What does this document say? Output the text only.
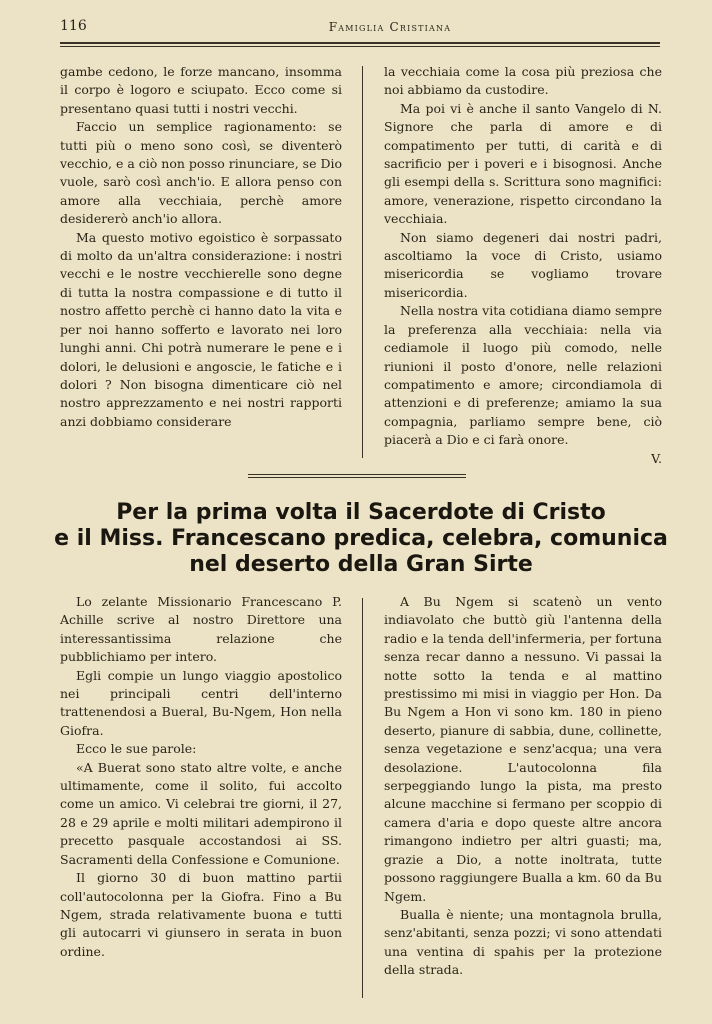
116	Famiglia Cristiana

gambe cedono, le forze mancano, insomma il corpo è logoro e sciupato. Ecco come si presentano quasi tutti i nostri vecchi.

Faccio un semplice ragionamento: se tutti più o meno sono così, se diventerò vecchio, e a ciò non posso rinunciare, se Dio vuole, sarò così anch'io. E allora penso con amore alla vecchiaia, perchè amore desidererò anch'io allora.

Ma questo motivo egoistico è sorpassato di molto da un'altra considerazione: i nostri vecchi e le nostre vecchierelle sono degne di tutta la nostra compassione e di tutto il nostro affetto perchè ci hanno dato la vita e per noi hanno sofferto e lavorato nei loro lunghi anni. Chi potrà numerare le pene e i dolori, le delusioni e angoscie, le fatiche e i dolori ? Non bisogna dimenticare ciò nel nostro apprezzamento e nei nostri rapporti anzi dobbiamo considerare

la vecchiaia come la cosa più preziosa che noi abbiamo da custodire.

Ma poi vi è anche il santo Vangelo di N. Signore che parla di amore e di compatimento per tutti, di carità e di sacrificio per i poveri e i bisognosi. Anche gli esempi della s. Scrittura sono magnifici: amore, venerazione, rispetto circondano la vecchiaia.

Non siamo degeneri dai nostri padri, ascoltiamo la voce di Cristo, usiamo misericordia se vogliamo trovare misericordia.

Nella nostra vita cotidiana diamo sempre la preferenza alla vecchiaia: nella via cediamole il luogo più comodo, nelle riunioni il posto d'onore, nelle relazioni compatimento e amore; circondiamola di attenzioni e di preferenze; amiamo la sua compagnia, parliamo sempre bene, ciò piacerà a Dio e ci farà onore.

V.

Per la prima volta il Sacerdote di Cristo
e il Miss. Francescano predica, celebra, comunica
nel deserto della Gran Sirte

Lo zelante Missionario Francescano P. Achille scrive al nostro Direttore una interessantissima relazione che pubblichiamo per intero.

Egli compie un lungo viaggio apostolico nei principali centri dell'interno trattenendosi a Bueral, Bu-Ngem, Hon nella Giofra.

Ecco le sue parole:

«A Buerat sono stato altre volte, e anche ultimamente, come il solito, fui accolto come un amico. Vi celebrai tre giorni, il 27, 28 e 29 aprile e molti militari adempirono il precetto pasquale accostandosi ai SS. Sacramenti della Confessione e Comunione.

Il giorno 30 di buon mattino partii coll'autocolonna per la Giofra. Fino a Bu Ngem, strada relativamente buona e tutti gli autocarri vi giunsero in serata in buon ordine.

A Bu Ngem si scatenò un vento indiavolato che buttò giù l'antenna della radio e la tenda dell'infermeria, per fortuna senza recar danno a nessuno. Vi passai la notte sotto la tenda e al mattino prestissimo mi misi in viaggio per Hon. Da Bu Ngem a Hon vi sono km. 180 in pieno deserto, pianure di sabbia, dune, collinette, senza vegetazione e senz'acqua; una vera desolazione. L'autocolonna fila serpeggiando lungo la pista, ma presto alcune macchine si fermano per scoppio di camera d'aria e dopo queste altre ancora rimangono indietro per altri guasti; ma, grazie a Dio, a notte inoltrata, tutte possono raggiungere Bualla a km. 60 da Bu Ngem.

Bualla è niente; una montagnola brulla, senz'abitanti, senza pozzi; vi sono attendati una ventina di spahis per la protezione della strada.
